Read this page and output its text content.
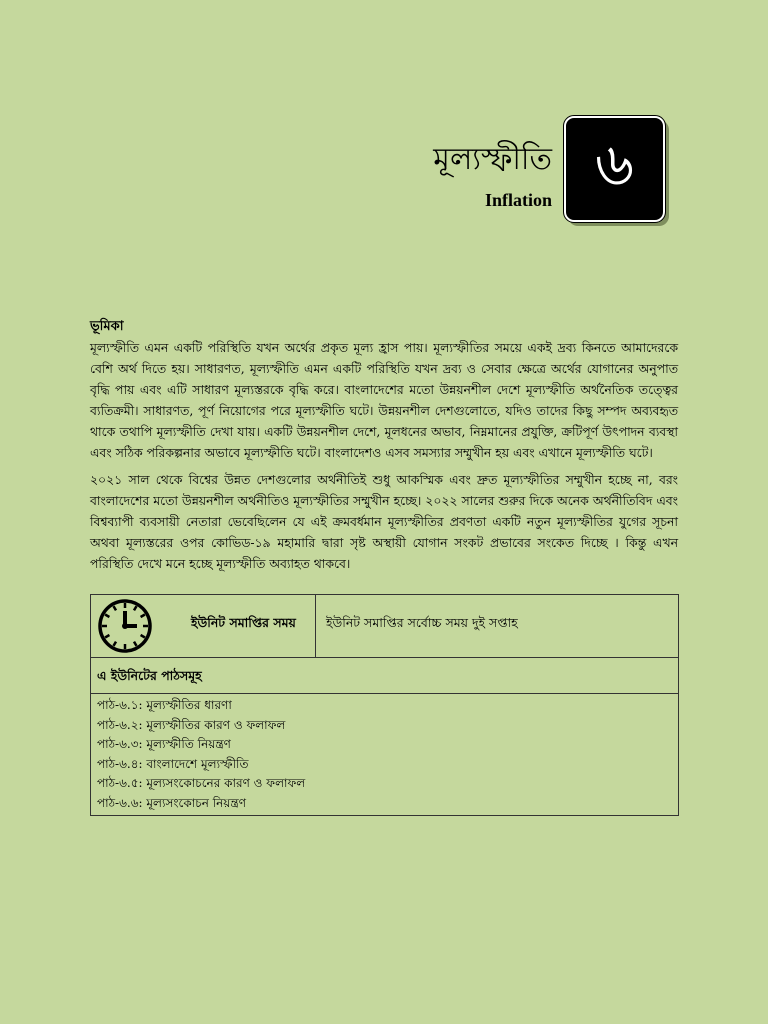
মূল্যস্ফীতি
Inflation ৬
ভূমিকা

মূল্যস্ফীতি এমন একটি পরিস্থিতি যখন অর্থের প্রকৃত মূল্য হ্রাস পায়। মূল্যস্ফীতির সময়ে একই দ্রব্য কিনতে আমাদেরকে বেশি অর্থ দিতে হয়। সাধারণত, মূল্যস্ফীতি এমন একটি পরিস্থিতি যখন দ্রব্য ও সেবার ক্ষেত্রে অর্থের যোগানের অনুপাত বৃদ্ধি পায় এবং এটি সাধারণ মূল্যস্তরকে বৃদ্ধি করে। বাংলাদেশের মতো উন্নয়নশীল দেশে মূল্যস্ফীতি অর্থনৈতিক তত্ত্বের ব্যতিক্রমী। সাধারণত, পূর্ণ নিয়োগের পরে মূল্যস্ফীতি ঘটে। উন্নয়নশীল দেশগুলোতে, যদিও তাদের কিছু সম্পদ অব্যবহৃত থাকে তথাপি মূল্যস্ফীতি দেখা যায়। একটি উন্নয়নশীল দেশে, মূলধনের অভাব, নিম্নমানের প্রযুক্তি, ক্রটিপূর্ণ উৎপাদন ব্যবস্থা এবং সঠিক পরিকল্পনার অভাবে মূল্যস্ফীতি ঘটে। বাংলাদেশও এসব সমস্যার সম্মুখীন হয় এবং এখানে মূল্যস্ফীতি ঘটে।

২০২১ সাল থেকে বিশ্বের উন্নত দেশগুলোর অর্থনীতিই শুধু আকস্মিক এবং দ্রুত মূল্যস্ফীতির সম্মুখীন হচ্ছে না, বরং বাংলাদেশের মতো উন্নয়নশীল অর্থনীতিও মূল্যস্ফীতির সম্মুখীন হচ্ছে। ২০২২ সালের শুরুর দিকে অনেক অর্থনীতিবিদ এবং বিশ্বব্যাপী ব্যবসায়ী নেতারা ভেবেছিলেন যে এই ক্রমবর্ধমান মূল্যস্ফীতির প্রবণতা একটি নতুন মূল্যস্ফীতির যুগের সূচনা অথবা মূল্যস্তরের ওপর কোভিড-১৯ মহামারি দ্বারা সৃষ্ট অস্থায়ী যোগান সংকট প্রভাবের সংকেত দিচ্ছে । কিন্তু এখন পরিস্থিতি দেখে মনে হচ্ছে মূল্যস্ফীতি অব্যাহত থাকবে।

ইউনিট সমাপ্তির সময়	ইউনিট সমাপ্তির সর্বোচ্চ সময় দুই সপ্তাহ
এ ইউনিটের পাঠসমূহ
পাঠ-৬.১: মূল্যস্ফীতির ধারণা
পাঠ-৬.২: মূল্যস্ফীতির কারণ ও ফলাফল
পাঠ-৬.৩: মূল্যস্ফীতি নিয়ন্ত্রণ
পাঠ-৬.৪: বাংলাদেশে মূল্যস্ফীতি
পাঠ-৬.৫: মূল্যসংকোচনের কারণ ও ফলাফল
পাঠ-৬.৬: মূল্যসংকোচন নিয়ন্ত্রণ
